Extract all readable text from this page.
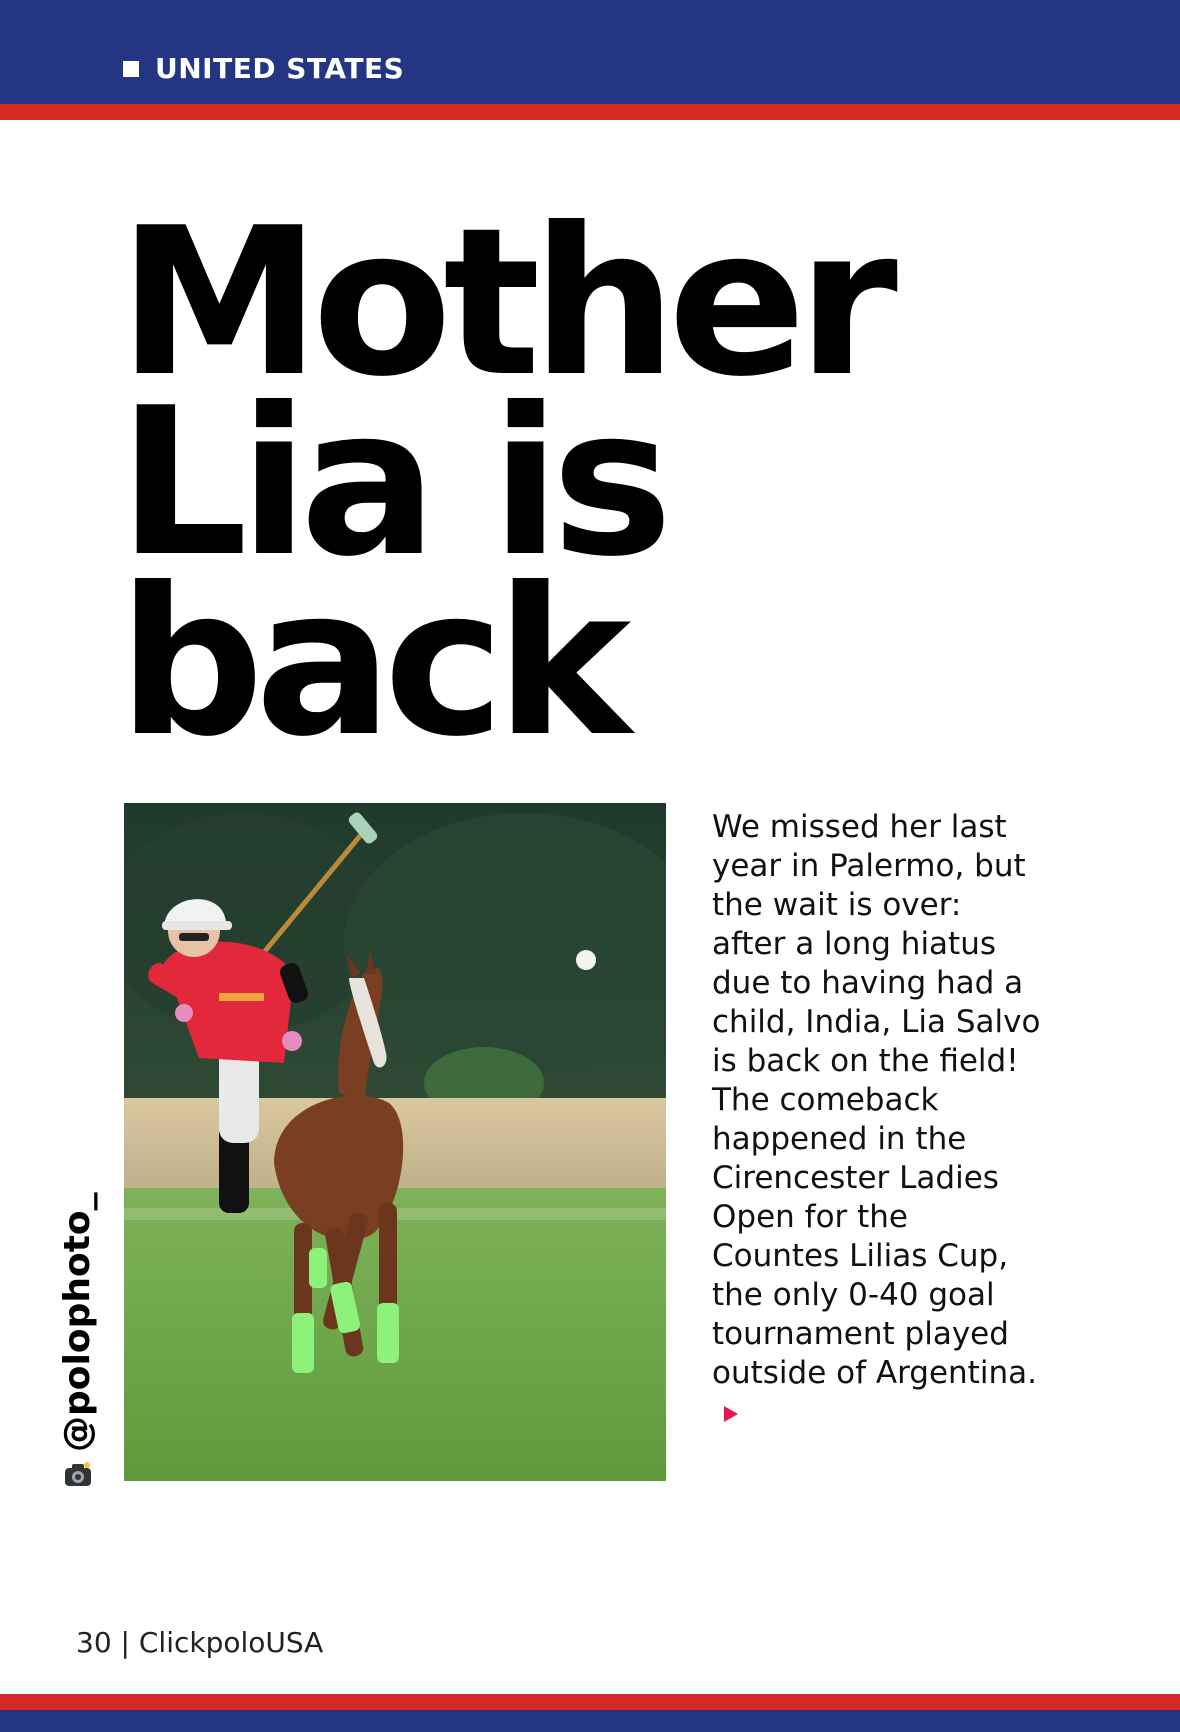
UNITED STATES
Mother
Lia is
back
@polophoto_

We missed her last year in Palermo, but the wait is over: after a long hiatus due to having had a child, India, Lia Salvo is back on the field! The comeback happened in the Cirencester Ladies Open for the Countes Lilias Cup, the only 0-40 goal tournament played outside of Argentina.

30 | ClickpoloUSA
